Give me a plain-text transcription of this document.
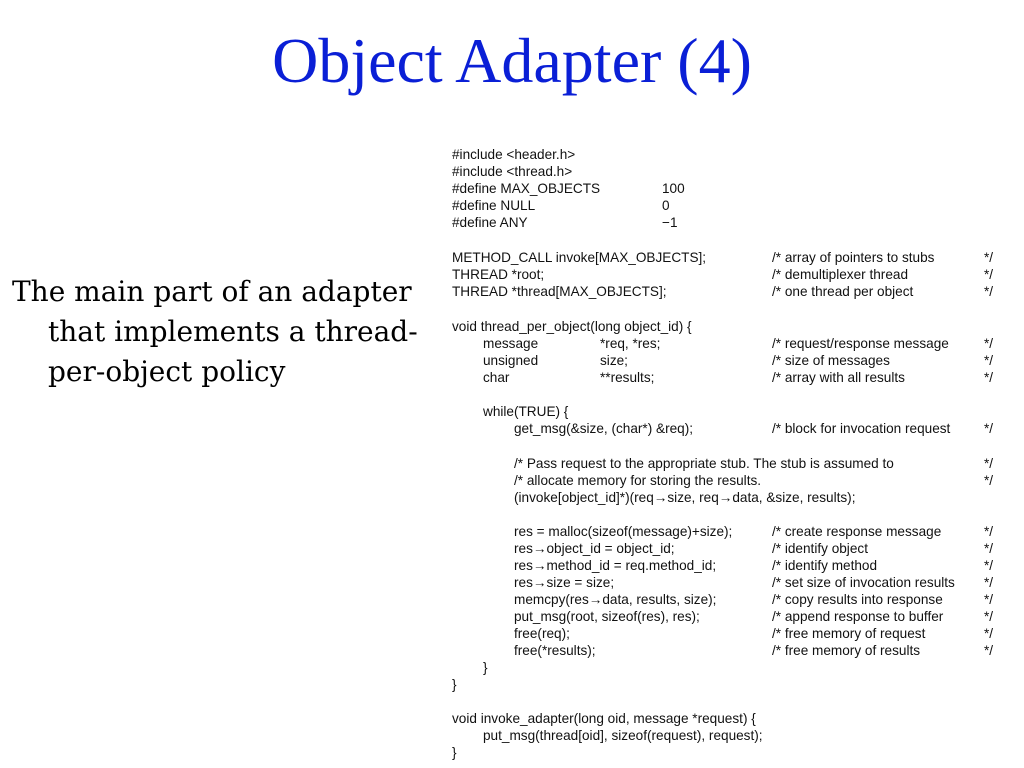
Object Adapter (4)
The main part of an adapter that implements a thread-per-object policy
#include <header.h>
#include <thread.h>
#define MAX_OBJECTS	100
#define NULL	0
#define ANY	−1
METHOD_CALL invoke[MAX_OBJECTS];	/* array of pointers to stubs	*/
THREAD *root;	/* demultiplexer thread	*/
THREAD *thread[MAX_OBJECTS];	/* one thread per object	*/
void thread_per_object(long object_id) {
message	*req, *res;	/* request/response message	*/
unsigned	size;	/* size of messages	*/
char	**results;	/* array with all results	*/
while(TRUE) {
get_msg(&size, (char*) &req);	/* block for invocation request */
/* Pass request to the appropriate stub. The stub is assumed to	*/
/* allocate memory for storing the results.	*/
(invoke[object_id]*)(req→size, req→data, &size, results);
res = malloc(sizeof(message)+size);	/* create response message	*/
res→object_id = object_id;	/* identify object	*/
res→method_id = req.method_id;	/* identify method	*/
res→size = size;	/* set size of invocation results */
memcpy(res→data, results, size);	/* copy results into response	*/
put_msg(root, sizeof(res), res);	/* append response to buffer	*/
free(req);	/* free memory of request	*/
free(*results);	/* free memory of results	*/
}
}
void invoke_adapter(long oid, message *request) {
put_msg(thread[oid], sizeof(request), request);
}
